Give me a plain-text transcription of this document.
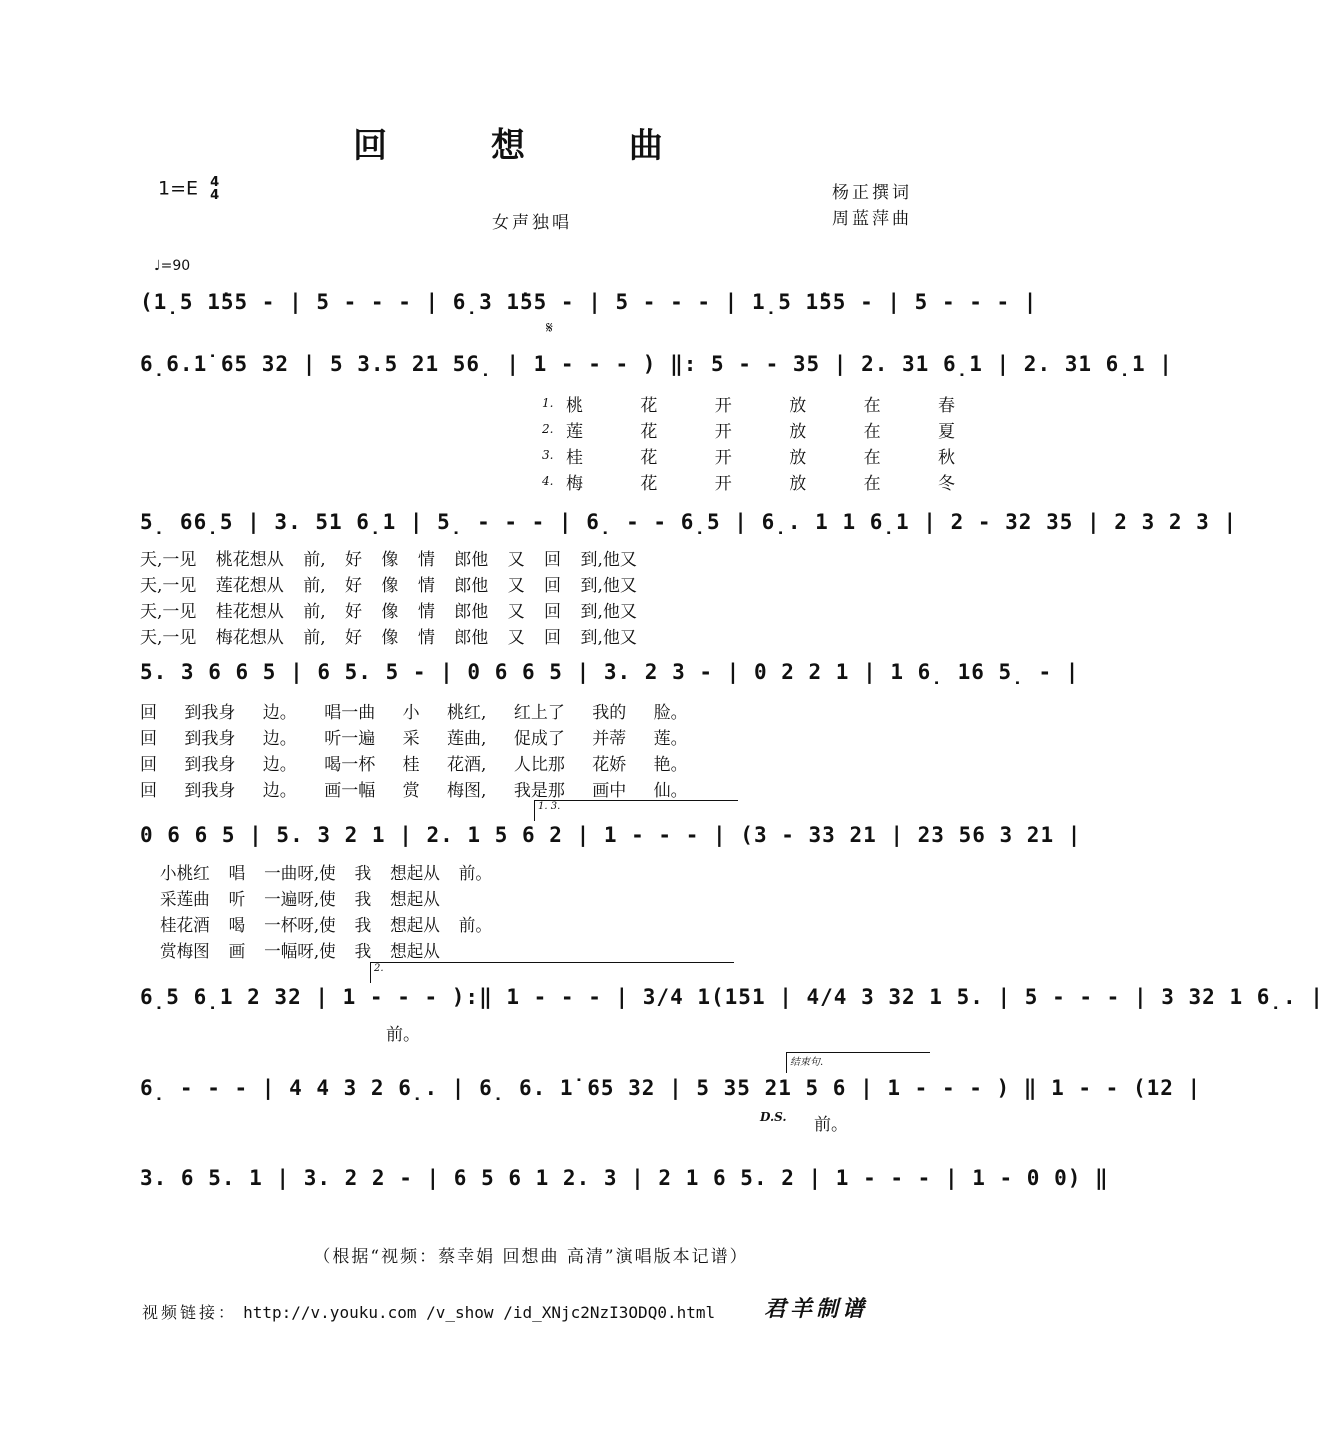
回 想 曲
1=E 4
4	杨正撰词
周蓝萍曲
女声独唱
♩=90
(1̣5 1̇55 - | 5 - - - | 6̣3 1̇55 - | 5 - - - | 1̣5 1̇55 - | 5 - - - |
𝄋
6̣6.1̇ 65 32 | 5 3.5 21 56̣ | 1 - - - ) ‖: 5 - - 35 | 2. 31 6̣1 | 2. 31 6̣1 |
1.
2.
3.
4.
桃 花 开 放 在 春
莲 花 开 放 在 夏
桂 花 开 放 在 秋
梅 花 开 放 在 冬
5̣ 66̣5 | 3. 51 6̣1 | 5̣ - - - | 6̣ - - 6̣5 | 6̣. 1 1 6̣1 | 2 - 32 35 | 2 3 2 3 |
天,一见 桃花想从 前, 好 像 情 郎他 又 回 到,他又
天,一见 莲花想从 前, 好 像 情 郎他 又 回 到,他又
天,一见 桂花想从 前, 好 像 情 郎他 又 回 到,他又
天,一见 梅花想从 前, 好 像 情 郎他 又 回 到,他又
5. 3 6 6 5 | 6 5. 5 - | 0 6 6 5 | 3. 2 3 - | 0 2 2 1 | 1 6̣ 16 5̣ - |
回 到我身 边。 唱一曲 小 桃红, 红上了 我的 脸。
回 到我身 边。 听一遍 采 莲曲, 促成了 并蒂 莲。
回 到我身 边。 喝一杯 桂 花酒, 人比那 花娇 艳。
回 到我身 边。 画一幅 赏 梅图, 我是那 画中 仙。
1. 3.
0 6 6 5 | 5. 3 2 1 | 2. 1 5 6 2 | 1 - - - | (3 - 33 21 | 23 56 3 21 |
小桃红 唱 一曲呀,使 我 想起从 前。
采莲曲 听 一遍呀,使 我 想起从
桂花酒 喝 一杯呀,使 我 想起从 前。
赏梅图 画 一幅呀,使 我 想起从
2.
6̣5 6̣1 2 32 | 1 - - - ):‖ 1 - - - | 3/4 1(151 | 4/4 3 32 1 5. | 5 - - - | 3 32 1 6̣. |
前。
结束句.
6̣ - - - | 4 4 3 2 6̣. | 6̣ 6. 1̇ 65 32 | 5 35 21 5 6 | 1 - - - ) ‖ 1 - - (12 |
D.S. 前。
3. 6 5. 1 | 3. 2 2 - | 6 5 6 1 2. 3 | 2 1 6 5. 2 | 1 - - - | 1 - 0 0) ‖
（根据“视频：蔡幸娟 回想曲 高清”演唱版本记谱）
视频链接： http://v.youku.com /v_show /id_XNjc2NzI3ODQ0.html 君羊制谱
